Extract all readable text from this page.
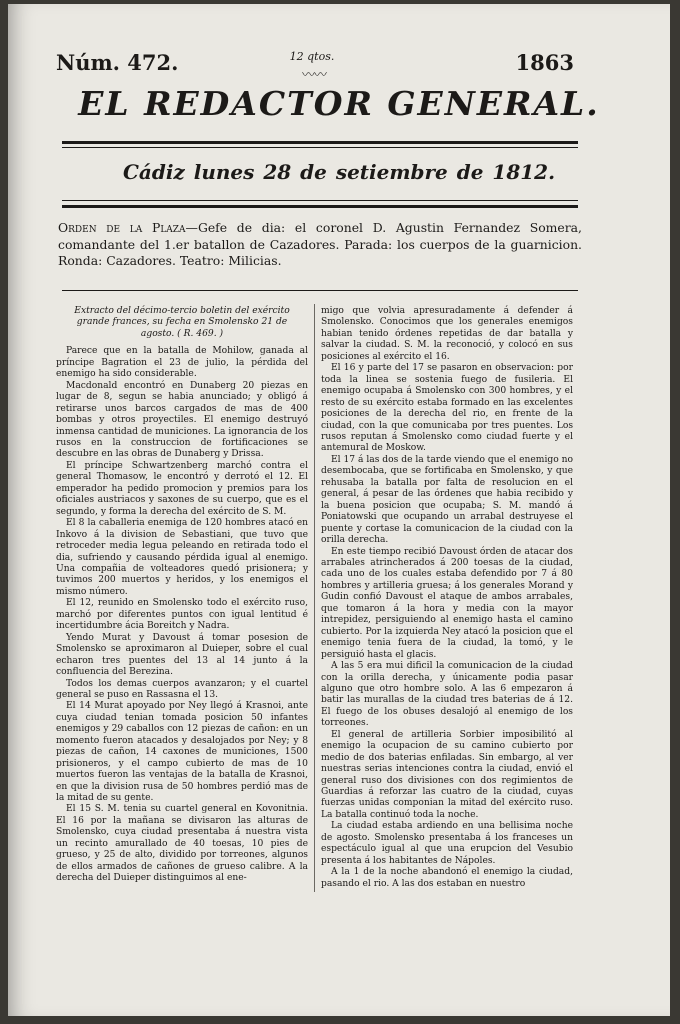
Núm. 472.	12 qtos.
〰〰
1863
EL REDACTOR GENERAL.
Cádiz lunes 28 de setiembre de 1812.
Orden de la Plaza—Gefe de dia: el coronel D. Agustin Fernandez Somera, comandante del 1.er batallon de Cazadores. Parada: los cuerpos de la guarnicion. Ronda: Cazadores. Teatro: Milicias.

Extracto del décimo-tercio boletin del exército grande frances, su fecha en Smolensko 21 de agosto. ( R. 469. )

Parece que en la batalla de Mohilow, ganada al príncipe Bagration el 23 de julio, la pérdida del enemigo ha sido considerable.

Macdonald encontró en Dunaberg 20 piezas en lugar de 8, segun se habia anunciado; y obligó á retirarse unos barcos cargados de mas de 400 bombas y otros proyectiles. El enemigo destruyó inmensa cantidad de municiones. La ignorancia de los rusos en la construccion de fortificaciones se descubre en las obras de Dunaberg y Drissa.

El príncipe Schwartzenberg marchó contra el general Thomasow, le encontró y derrotó el 12. El emperador ha pedido promocion y premios para los oficiales austriacos y saxones de su cuerpo, que es el segundo, y forma la derecha del exército de S. M.

El 8 la caballeria enemiga de 120 hombres atacó en Inkovo á la division de Sebastiani, que tuvo que retroceder media legua peleando en retirada todo el dia, sufriendo y causando pérdida igual al enemigo. Una compañia de volteadores quedó prisionera; y tuvimos 200 muertos y heridos, y los enemigos el mismo número.

El 12, reunido en Smolensko todo el exército ruso, marchó por diferentes puntos con igual lentitud é incertidumbre ácia Boreitch y Nadra.

Yendo Murat y Davoust á tomar posesion de Smolensko se aproximaron al Duieper, sobre el cual echaron tres puentes del 13 al 14 junto á la confluencia del Berezina.

Todos los demas cuerpos avanzaron; y el cuartel general se puso en Rassasna el 13.

El 14 Murat apoyado por Ney llegó á Krasnoi, ante cuya ciudad tenian tomada posicion 50 infantes enemigos y 29 caballos con 12 piezas de cañon: en un momento fueron atacados y desalojados por Ney; y 8 piezas de cañon, 14 caxones de municiones, 1500 prisioneros, y el campo cubierto de mas de 10 muertos fueron las ventajas de la batalla de Krasnoi, en que la division rusa de 50 hombres perdió mas de la mitad de su gente.

El 15 S. M. tenia su cuartel general en Kovonitnia. El 16 por la mañana se divisaron las alturas de Smolensko, cuya ciudad presentaba á nuestra vista un recinto amurallado de 40 toesas, 10 pies de grueso, y 25 de alto, dividido por torreones, algunos de ellos armados de cañones de grueso calibre. A la derecha del Duieper distinguimos al ene-

migo que volvia apresuradamente á defender á Smolensko. Conocimos que los generales enemigos habian tenido órdenes repetidas de dar batalla y salvar la ciudad. S. M. la reconoció, y colocó en sus posiciones al exército el 16.

El 16 y parte del 17 se pasaron en observacion: por toda la linea se sostenia fuego de fusileria. El enemigo ocupaba á Smolensko con 300 hombres, y el resto de su exército estaba formado en las excelentes posiciones de la derecha del rio, en frente de la ciudad, con la que comunicaba por tres puentes. Los rusos reputan á Smolensko como ciudad fuerte y el antemural de Moskow.

El 17 á las dos de la tarde viendo que el enemigo no desembocaba, que se fortificaba en Smolensko, y que rehusaba la batalla por falta de resolucion en el general, á pesar de las órdenes que habia recibido y la buena posicion que ocupaba; S. M. mandó á Poniatowski que ocupando un arrabal destruyese el puente y cortase la comunicacion de la ciudad con la orilla derecha.

En este tiempo recibió Davoust órden de atacar dos arrabales atrincherados á 200 toesas de la ciudad, cada uno de los cuales estaba defendido por 7 á 80 hombres y artilleria gruesa; á los generales Morand y Gudin confió Davoust el ataque de ambos arrabales, que tomaron á la hora y media con la mayor intrepidez, persiguiendo al enemigo hasta el camino cubierto. Por la izquierda Ney atacó la posicion que el enemigo tenia fuera de la ciudad, la tomó, y le persiguió hasta el glacis.

A las 5 era mui dificil la comunicacion de la ciudad con la orilla derecha, y únicamente podia pasar alguno que otro hombre solo. A las 6 empezaron á batir las murallas de la ciudad tres baterias de á 12. El fuego de los obuses desalojó al enemigo de los torreones.

El general de artilleria Sorbier imposibilitó al enemigo la ocupacion de su camino cubierto por medio de dos baterias enfiladas. Sin embargo, al ver nuestras serias intenciones contra la ciudad, envió el general ruso dos divisiones con dos regimientos de Guardias á reforzar las cuatro de la ciudad, cuyas fuerzas unidas componian la mitad del exército ruso. La batalla continuó toda la noche.

La ciudad estaba ardiendo en una bellisima noche de agosto. Smolensko presentaba á los franceses un espectáculo igual al que una erupcion del Vesubio presenta á los habitantes de Nápoles.

A la 1 de la noche abandonó el enemigo la ciudad, pasando el rio. A las dos estaban en nuestro
